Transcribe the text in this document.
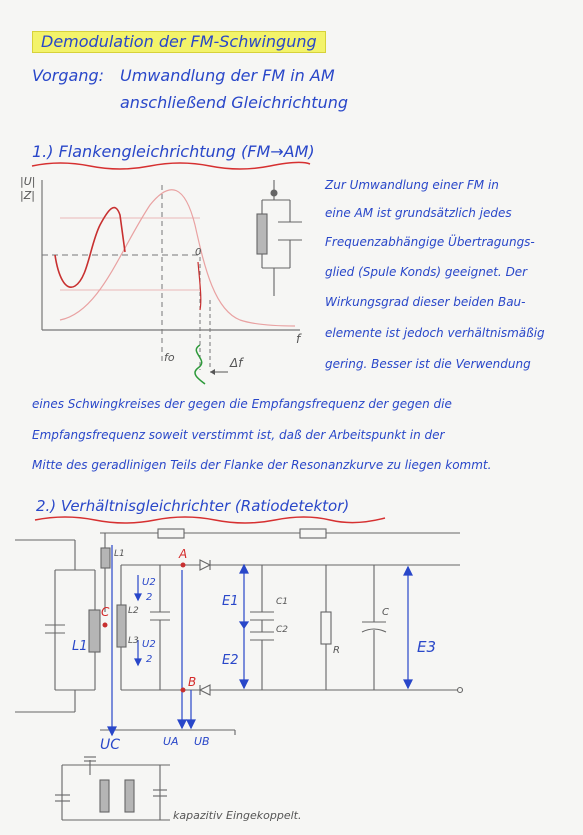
Demodulation der FM-Schwingung
Vorgang: Umwandlung der FM in AM
anschließend Gleichrichtung
1.) Flankengleichrichtung (FM→AM)
|U|
|Z|
f
fo
0
Δf
Zur Umwandlung einer FM in
eine AM ist grundsätzlich jedes
Frequenzabhängige Übertragungs-
glied (Spule Konds) geeignet. Der
Wirkungsgrad dieser beiden Bau-
elemente ist jedoch verhältnismäßig
gering. Besser ist die Verwendung
eines Schwingkreises der gegen die Empfangsfrequenz der gegen die
Empfangsfrequenz soweit verstimmt ist, daß der Arbeitspunkt in der
Mitte des geradlinigen Teils der Flanke der Resonanzkurve zu liegen kommt.
2.) Verhältnisgleichrichter (Ratiodetektor)
L1
L1
L2
L3
A
B
C
U2
2
U2
2
E1
E2
E3
C1
C2
R
C
UC	UA UB
kapazitiv Eingekoppelt.
